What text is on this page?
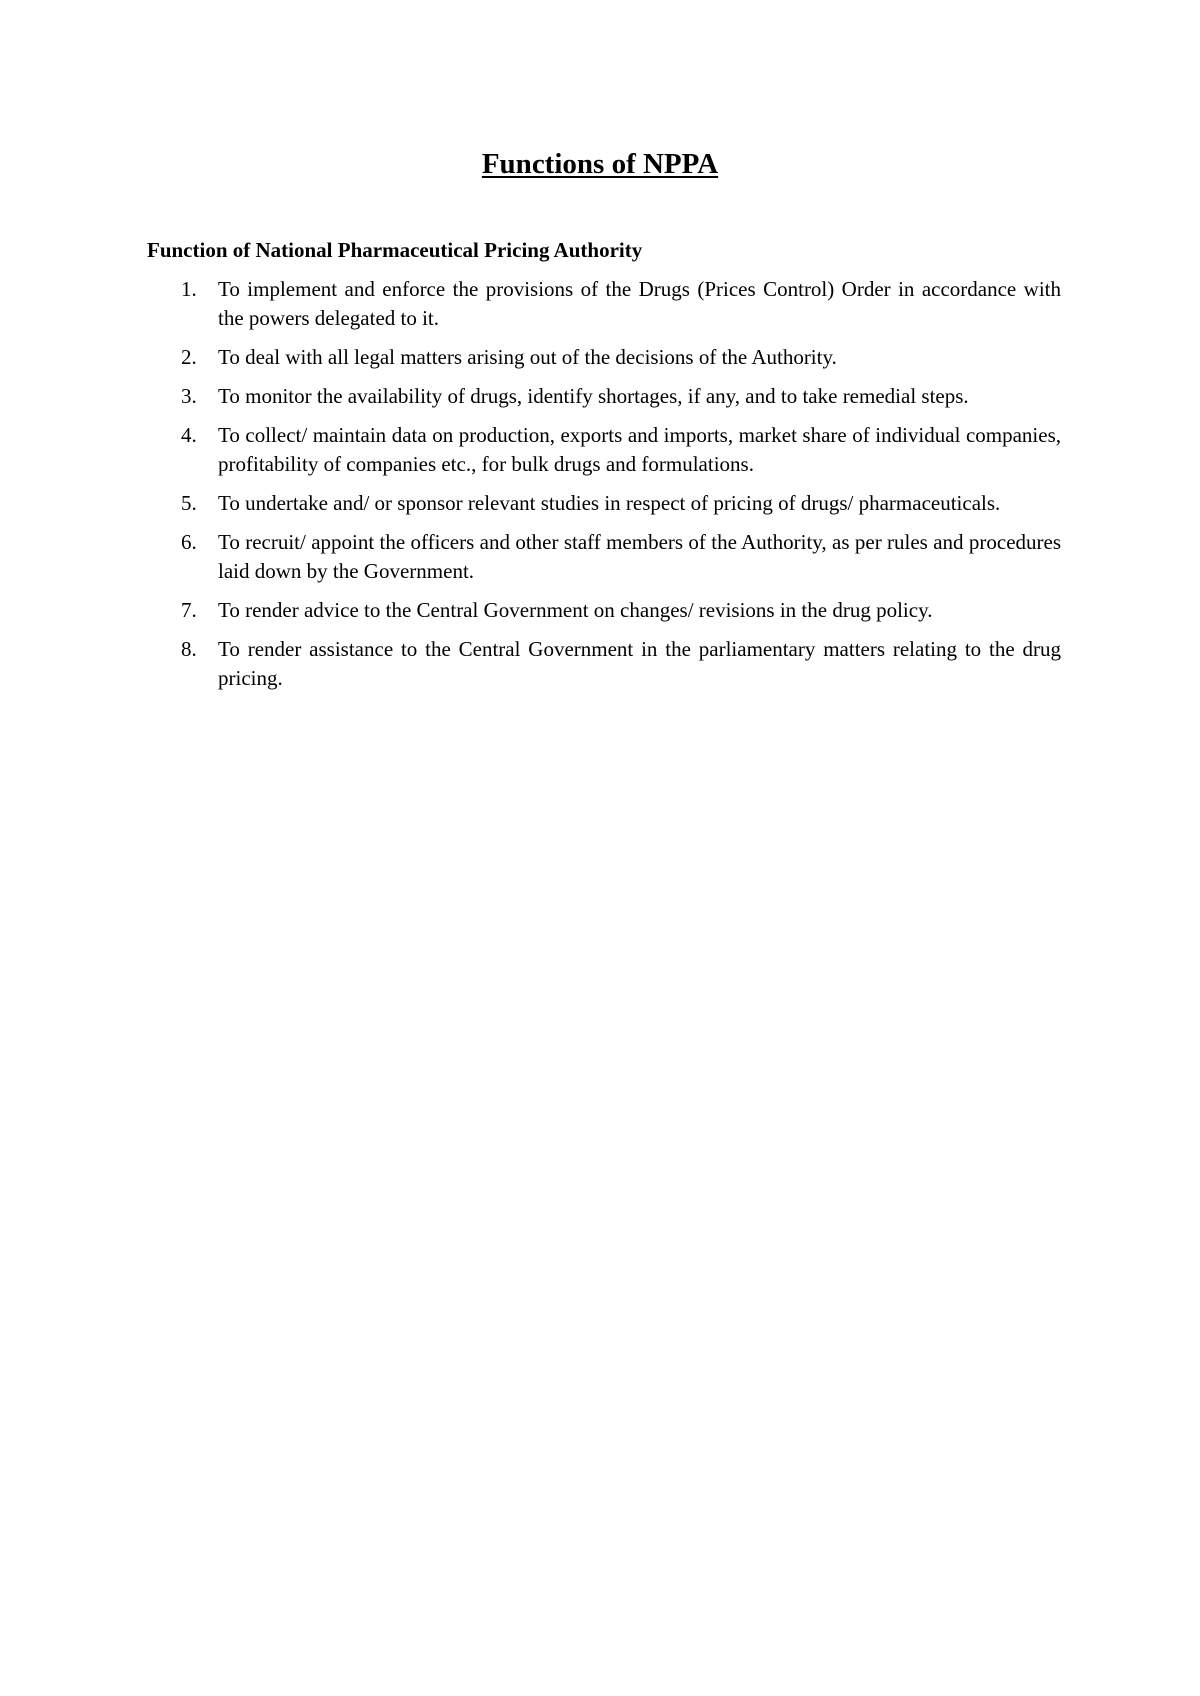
Functions of NPPA
Function of National Pharmaceutical Pricing Authority
1. To implement and enforce the provisions of the Drugs (Prices Control) Order in accordance with the powers delegated to it.
2. To deal with all legal matters arising out of the decisions of the Authority.
3. To monitor the availability of drugs, identify shortages, if any, and to take remedial steps.
4. To collect/ maintain data on production, exports and imports, market share of individual companies, profitability of companies etc., for bulk drugs and formulations.
5. To undertake and/ or sponsor relevant studies in respect of pricing of drugs/ pharmaceuticals.
6. To recruit/ appoint the officers and other staff members of the Authority, as per rules and procedures laid down by the Government.
7. To render advice to the Central Government on changes/ revisions in the drug policy.
8. To render assistance to the Central Government in the parliamentary matters relating to the drug pricing.
